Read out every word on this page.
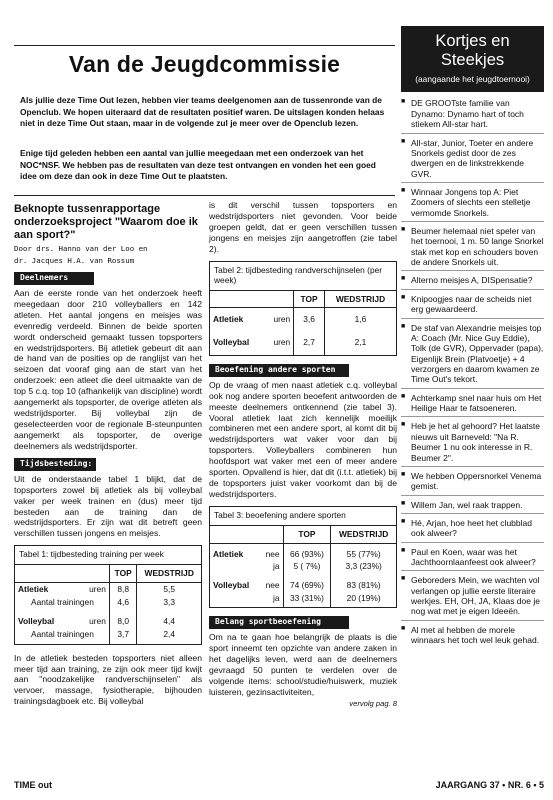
Van de Jeugdcommissie
Als jullie deze Time Out lezen, hebben vier teams deelgenomen aan de tussenronde van de Openclub. We hopen uiteraard dat de resultaten positief waren. De uitslagen konden helaas niet in deze Time Out staan, maar in de volgende zul je meer over de Openclub lezen.
Enige tijd geleden hebben een aantal van jullie meegedaan met een onderzoek van het NOC*NSF. We hebben pas de resultaten van deze test ontvangen en vonden het een goed idee om deze dan ook in deze Time Out te plaatsten.
Beknopte tussenrapportage onderzoeksproject "Waarom doe ik aan sport?"
Door drs. Hanno van der Loo en
dr. Jacques H.A. van Rossum
Deelnemers

Aan de eerste ronde van het onderzoek heeft meegedaan door 210 volleyballers en 142 atleten. Het aantal jongens en meisjes was evenredig verdeeld. Binnen de beide sporten wordt onderscheid gemaakt tussen topsporters en wedstrijdsporters. Bij atletiek gebeurt dit aan de hand van de posities op de ranglijst van het seizoen dat vooraf ging aan de start van het onderzoek: een atleet die deel uitmaakte van de top 5 c.q. top 10 (afhankelijk van discipline) wordt aangemerkt als topsporter, de overige atleten als wedstrijdsporter. Bij volleybal zijn de geselecteerden voor de regionale B-steunpunten aangemerkt als topsporter, de overige deelnemers als wedstrijdsporter.

Tijdsbesteding:

Uit de onderstaande tabel 1 blijkt, dat de topsporters zowel bij atletiek als bij volleybal vaker per week trainen en (dus) meer tijd besteden aan de training dan de wedstrijdsporters. Er zijn wat dit betreft geen verschillen tussen jongens en meisjes.

Tabel 1: tijdbesteding training per week			
		TOP	WEDSTRIJD
Atletiek	uren	8,8	5,5
Aantal trainingen		4,6	3,3
Volleybal	uren	8,0	4,4
Aantal trainingen		3,7	2,4

In de atletiek besteden topsporters niet alleen meer tijd aan training, ze zijn ook meer tijd kwijt aan "noodzakelijke randverschijnselen" als vervoer, massage, fysiotherapie, bijhouden trainingsdagboek etc. Bij volleybal

is dit verschil tussen topsporters en wedstrijdsporters niet gevonden. Voor beide groepen geldt, dat er geen verschillen tussen jongens en meisjes zijn aangetroffen (zie tabel 2).

Tabel 2: tijdbesteding randverschijnselen (per week)			
		TOP	WEDSTRIJD
Atletiek	uren	3,6	1,6
Volleybal	uren	2,7	2,1
Beoefening andere sporten

Op de vraag of men naast atletiek c.q. volleybal ook nog andere sporten beoefent antwoorden de meeste deelnemers ontkennend (zie tabel 3). Vooral atletiek laat zich kennelijk moeilijk combineren met een andere sport, al komt dit bij wedstrijdsporters wat vaker voor dan bij topsporters. Volleyballers combineren hun hoofdsport wat vaker met een of meer andere sporten. Opvallend is hier, dat dit (i.t.t. atletiek) bij de topsporters juist vaker voorkomt dan bij de wedstrijdsporters.

Tabel 3: beoefening andere sporten			
		TOP	WEDSTRIJD
Atletiek	nee	66 (93%)	55 (77%)
	ja	5 ( 7%)	3,3 (23%)
Volleybal	nee	74 (69%)	83 (81%)
	ja	33 (31%)	20 (19%)
Belang sportbeoefening

Om na te gaan hoe belangrijk de plaats is die sport inneemt ten opzichte van andere zaken in het dagelijks leven, werd aan de deelnemers gevraagd 50 punten te verdelen over de volgende items: school/studie/huiswerk, muziek luisteren, gezinsactiviteiten,

vervolg pag. 8
Kortjes en Steekjes
(aangaande het jeugdtoernooi)
■ DE GROOTste familie van Dynamo: Dynamo hart of toch stiekem All-star hart.
■ All-star, Junior, Toeter en andere Snorkels gedist door de zes dwergen en de linkstrekkende GVR.
■ Winnaar Jongens top A: Piet Zoomers of slechts een stelletje vermomde Snorkels.
■ Beumer helemaal niet speler van het toernooi, 1 m. 50 lange Snorkel stak met kop en schouders boven de andere Snorkels uit.
■ Alterno meisjes A, DISpensatie?
■ Knipoogjes naar de scheids niet erg gewaardeerd.
■ De staf van Alexandrie meisjes top A: Coach (Mr. Nice Guy Eddie), Tolk (de GVR), Oppervader (papa), Eigenlijk Brein (Platvoetje) + 4 verzorgers en daarom kwamen ze Time Out's tekort.
■ Achterkamp snel naar huis om Het Heilige Haar te fatsoeneren.
■ Heb je het al gehoord? Het laatste nieuws uit Barneveld: "Na R. Beumer 1 nu ook interesse in R. Beumer 2".
■ We hebben Oppersnorkel Venema gemist.
■ Willem Jan, wel raak trappen.
■ Hé, Arjan, hoe heet het clubblad ook alweer?
■ Paul en Koen, waar was het Jachthoornlaanfeest ook alweer?
■ Geboreders Mein, we wachten vol verlangen op jullie eerste literaire werkjes. EH, OH, JA, Klaas doe je nog wat met je eigen Ideeën.
■ Al met al hebben de morele winnaars het toch wel leuk gehad.
TIME out	JAARGANG 37 • NR. 6 • 5
